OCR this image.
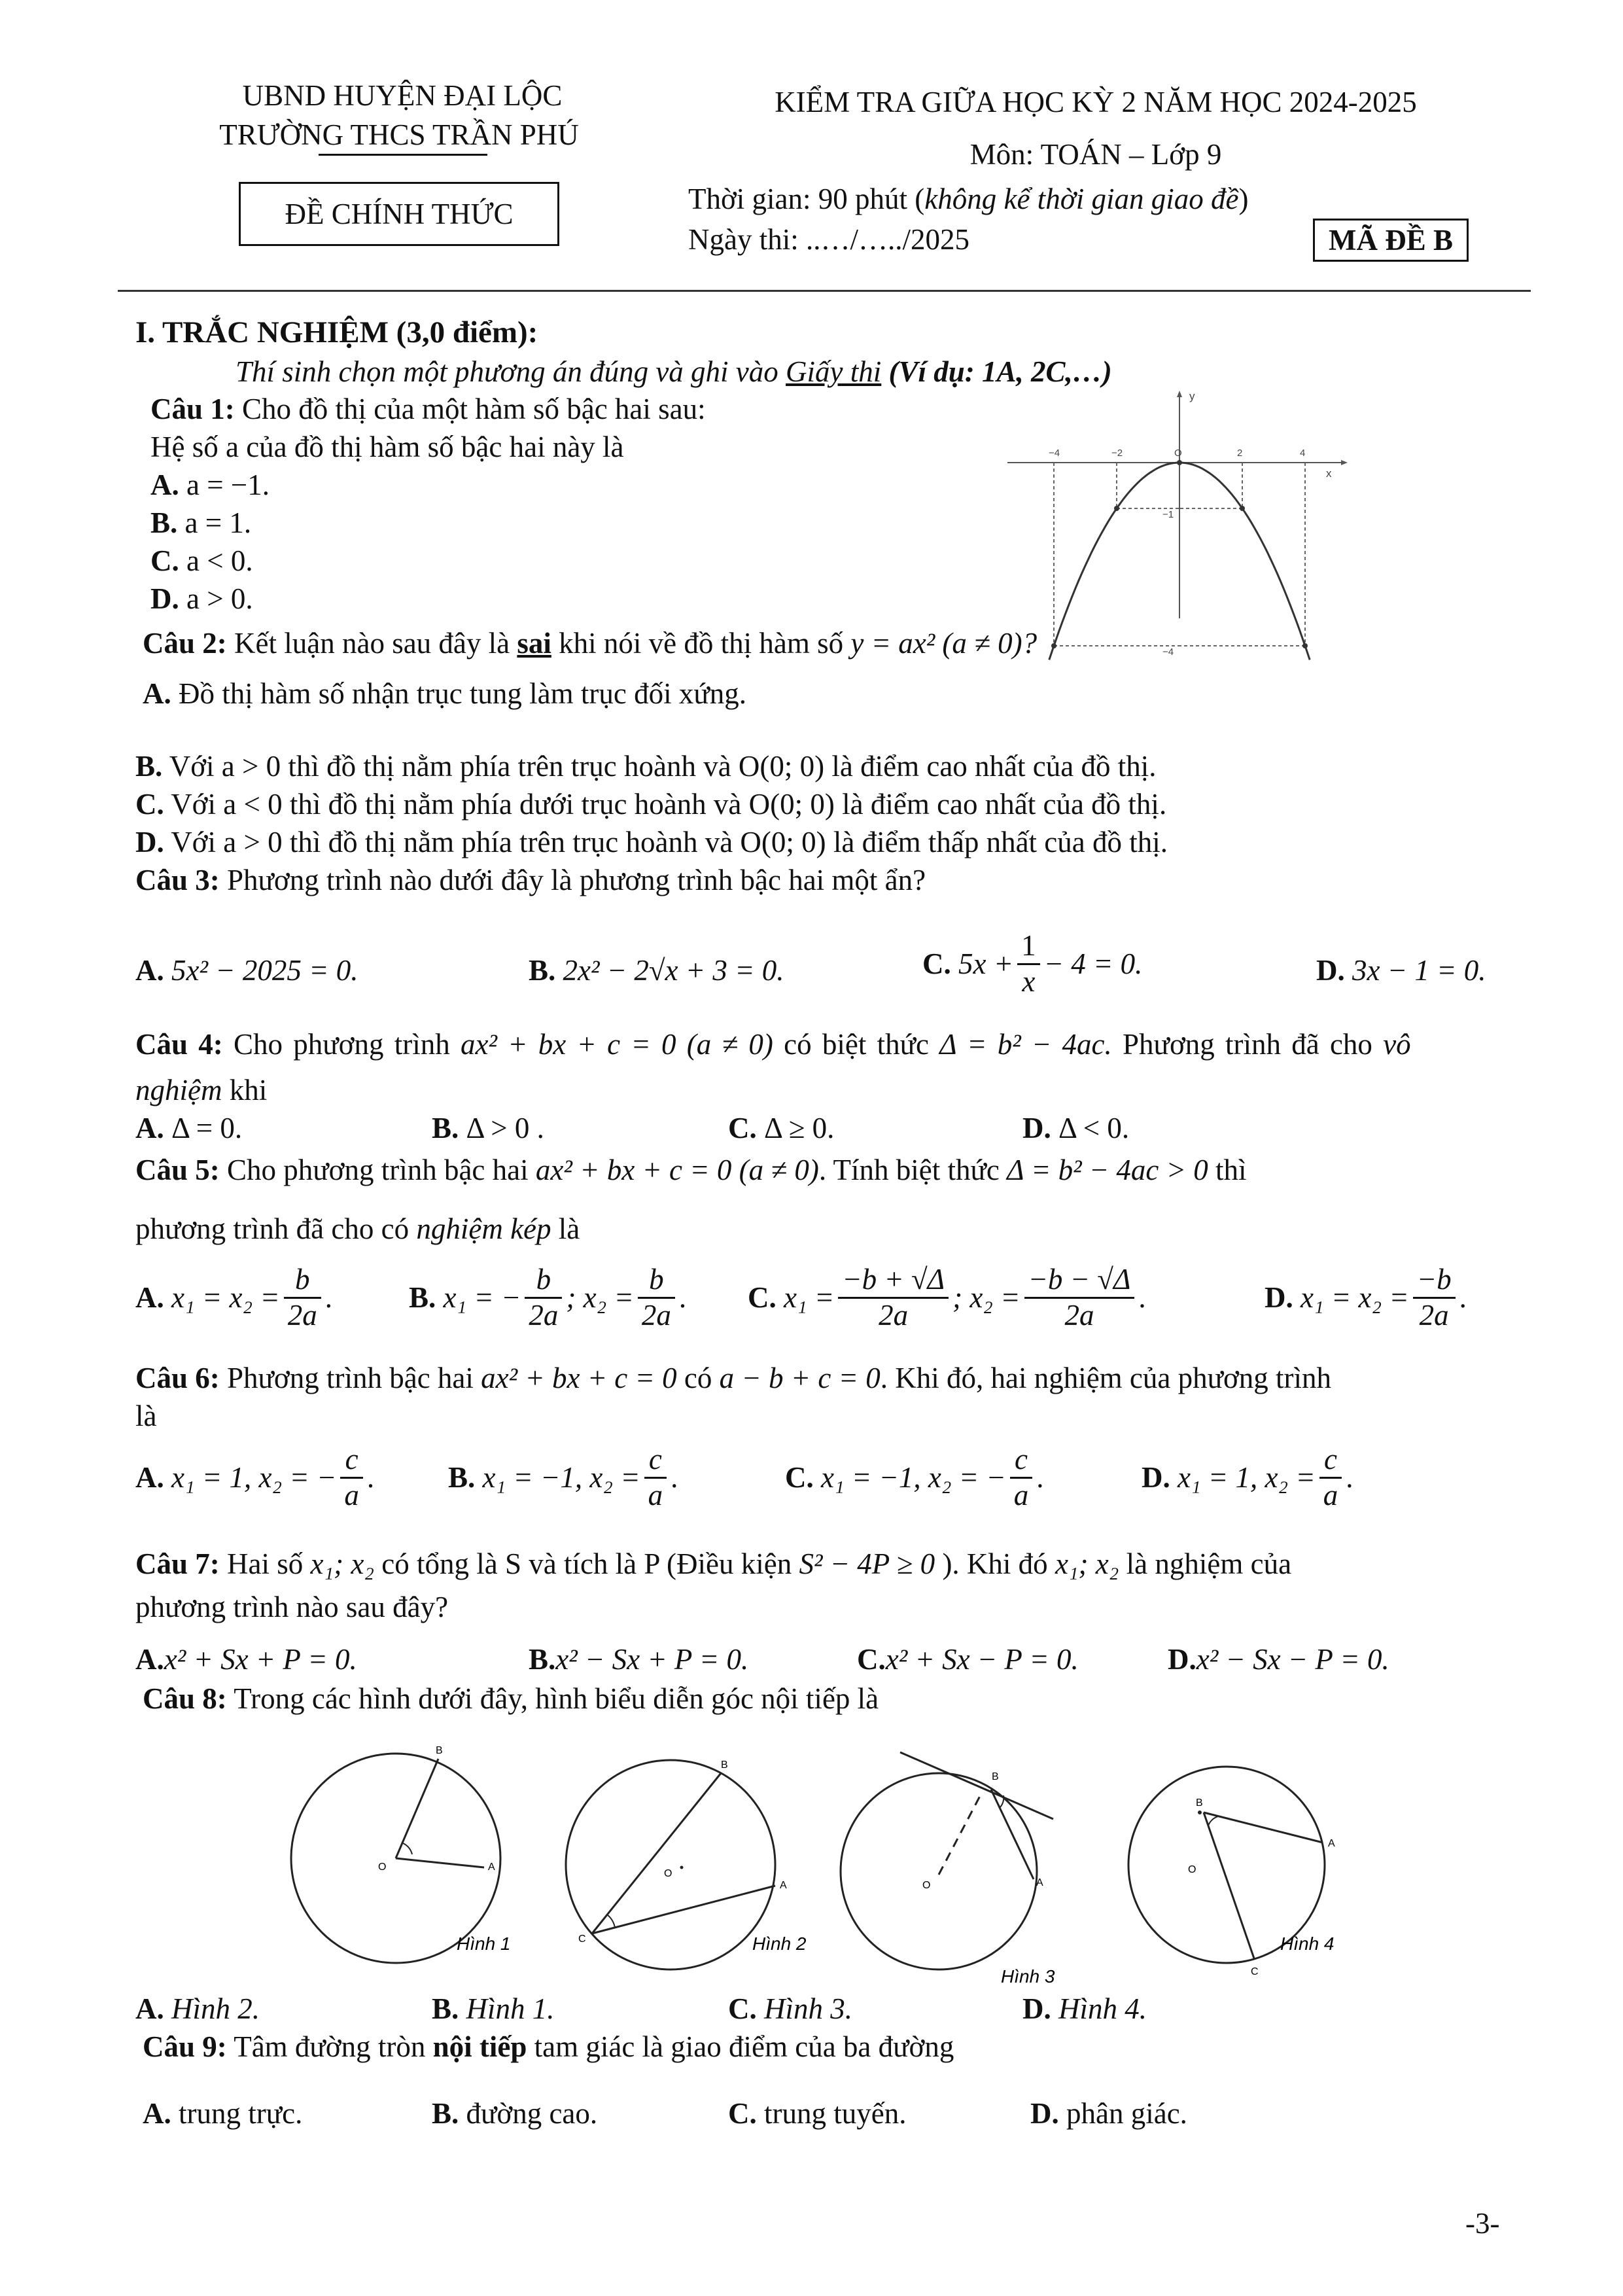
UBND HUYỆN ĐẠI LỘC
TRƯỜNG THCS TRẦN PHÚ
ĐỀ CHÍNH THỨC
KIỂM TRA GIỮA HỌC KỲ 2 NĂM HỌC 2024-2025
Môn: TOÁN – Lớp 9
Thời gian: 90 phút (không kể thời gian giao đề)
Ngày thi: ..…/…../2025	MÃ ĐỀ B
I. TRẮC NGHIỆM (3,0 điểm):
Thí sinh chọn một phương án đúng và ghi vào Giấy thi (Ví dụ: 1A, 2C,…)
Câu 1: Cho đồ thị của một hàm số bậc hai sau:
Hệ số a của đồ thị hàm số bậc hai này là
A. a = −1.
B. a = 1.
C. a < 0.
D. a > 0.
−4	−2	O	2	4
−1
−4
y
x
Câu 2: Kết luận nào sau đây là sai khi nói về đồ thị hàm số y = ax² (a ≠ 0)?
A. Đồ thị hàm số nhận trục tung làm trục đối xứng.
B. Với a > 0 thì đồ thị nằm phía trên trục hoành và O(0; 0) là điểm cao nhất của đồ thị.
C. Với a < 0 thì đồ thị nằm phía dưới trục hoành và O(0; 0) là điểm cao nhất của đồ thị.
D. Với a > 0 thì đồ thị nằm phía trên trục hoành và O(0; 0) là điểm thấp nhất của đồ thị.
Câu 3: Phương trình nào dưới đây là phương trình bậc hai một ẩn?
A. 5x² − 2025 = 0.	B. 2x² − 2√x + 3 = 0.	C.
$5x + \frac{1}{x} - 4 = 0$.	D. 3x − 1 = 0.
Câu 4: Cho phương trình ax² + bx + c = 0 (a ≠ 0) có biệt thức Δ = b² − 4ac. Phương trình đã cho vô
nghiệm khi
A. Δ = 0.	B. Δ > 0 .	C. Δ ≥ 0.	D. Δ < 0.
Câu 5: Cho phương trình bậc hai ax² + bx + c = 0 (a ≠ 0). Tính biệt thức Δ = b² − 4ac > 0 thì
phương trình đã cho có nghiệm kép là
A.
$x_1 = x_2 = \frac{b}{2a}$ .	B.
x₁ = − $\frac{b}{2a}$ ; $x_2 = \frac{b}{2a}$ . C.
$x_1 = \frac{-b + √\Delta}{2a}$ ; $x_2 = \frac{-b - √\Delta}{2a}$ .	D.
$x_1 = x_2 = \frac{-b}{2a}$ .
Câu 6: Phương trình bậc hai ax² + bx + c = 0 có a − b + c = 0. Khi đó, hai nghiệm của phương trình
là
A.
x₁ = 1, x₂ = − $\frac{c}{a}$ .	B.
x₁ = −1, $x_2 = \frac{c}{a}$ .	C.
x₁ = −1, x₂ = − $\frac{c}{a}$ .	D.
x₁ = 1, $x_2 = \frac{c}{a}$ .
Câu 7: Hai số x₁; x₂ có tổng là S và tích là P (Điều kiện S² − 4P ≥ 0 ). Khi đó x₁; x₂ là nghiệm của
phương trình nào sau đây?
A.x² + Sx + P = 0.	B.x² − Sx + P = 0.	C.x² + Sx − P = 0.	D.x² − Sx − P = 0.
Câu 8: Trong các hình dưới đây, hình biểu diễn góc nội tiếp là
O
B
A
Hình 1
O
B
A
C	Hình 2
O
B
A
Hình 3
O
B
A
C
Hình 4
A. Hình 2.	B. Hình 1.	C. Hình 3.	D. Hình 4.
Câu 9: Tâm đường tròn nội tiếp tam giác là giao điểm của ba đường
A. trung trực.	B. đường cao.	C. trung tuyến.	D. phân giác.
-3-
